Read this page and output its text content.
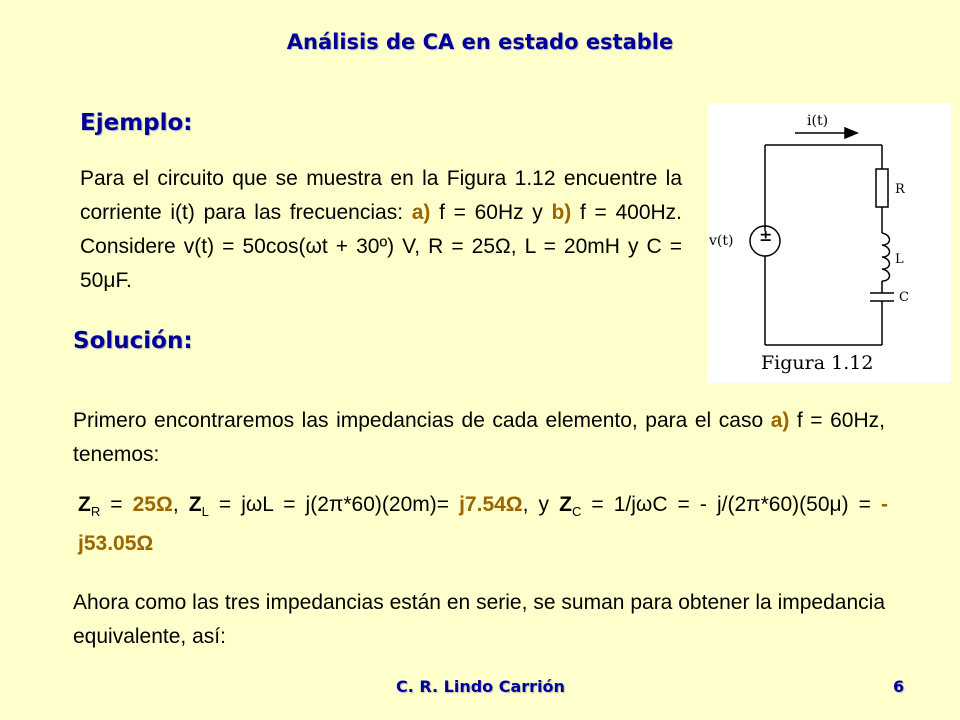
Análisis de CA en estado estable
Ejemplo:
Para el circuito que se muestra en la Figura 1.12 encuentre la corriente i(t) para las frecuencias: a) f = 60Hz y b) f = 400Hz. Considere v(t) = 50cos(ωt + 30º) V, R = 25Ω, L = 20mH y C = 50μF.
±
i(t)
v(t)
R
L
C
Figura 1.12
Solución:
Primero encontraremos las impedancias de cada elemento, para el caso a) f = 60Hz, tenemos:
$Z_R = 25\Omega$, $Z_L = j\omega L = j(2\pi*60)(20m)= j7.54\Omega$, y $Z_C = 1/j\omega C$ = - j/(2π*60)(50μ) = -j53.05Ω
Ahora como las tres impedancias están en serie, se suman para obtener la impedancia equivalente, así:
C. R. Lindo Carrión	6
